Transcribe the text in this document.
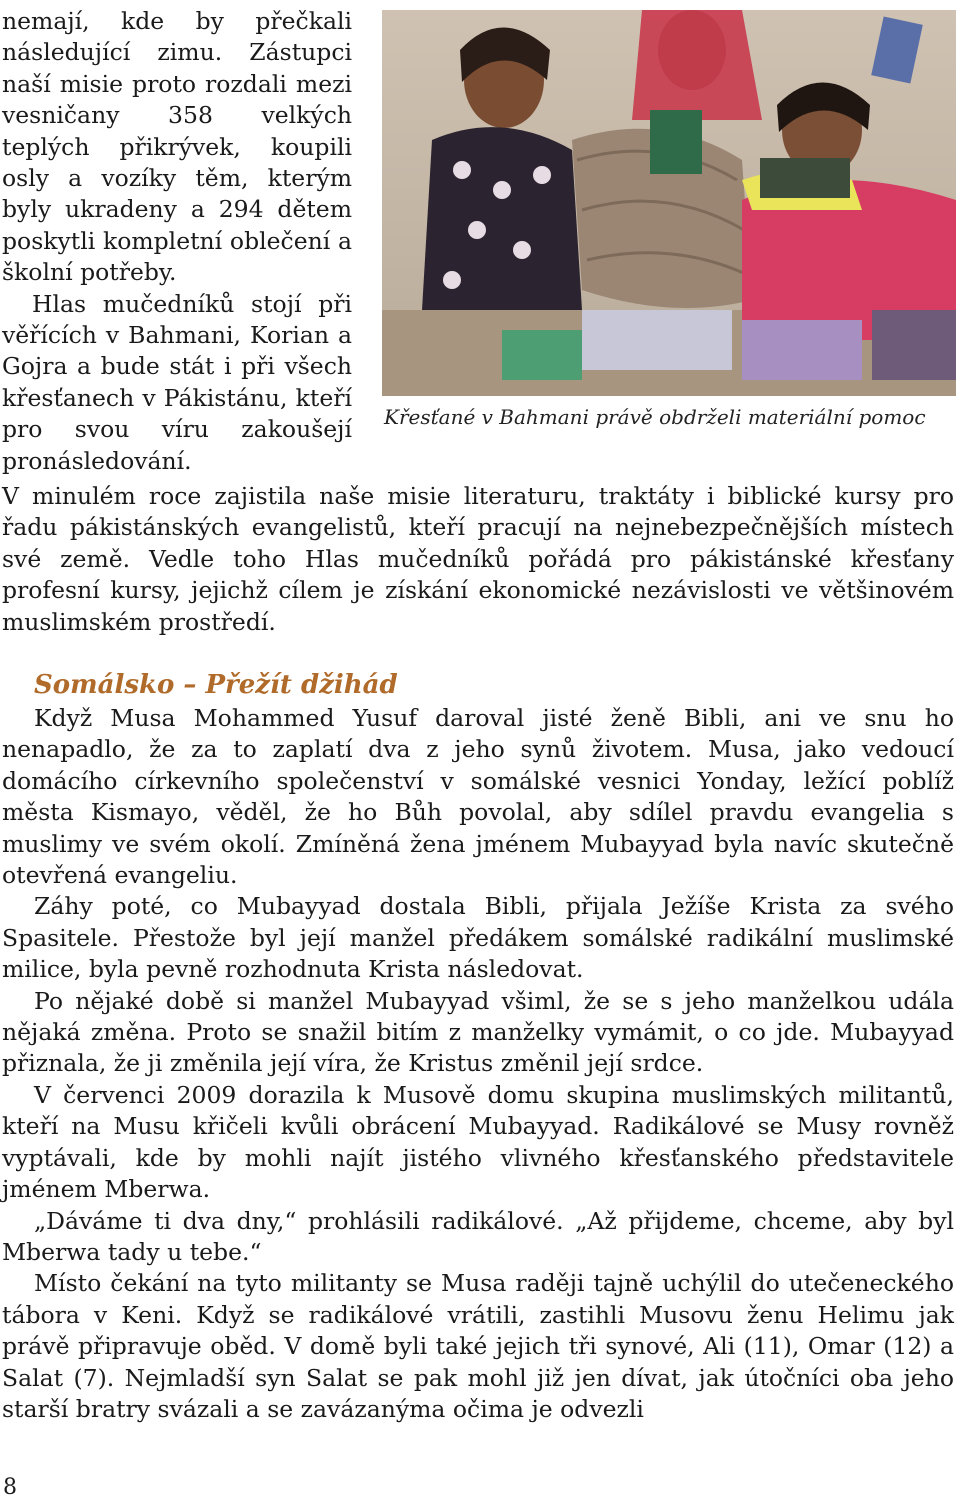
nemají, kde by přečkali následující zimu. Zástupci naší misie proto rozdali mezi vesničany 358 velkých teplých přikrývek, koupili osly a vozíky těm, kterým byly ukradeny a 294 dětem poskytli kompletní oblečení a školní potřeby.

Hlas mučedníků stojí při věřících v Bahmani, Korian a Gojra a bude stát i při všech křesťanech v Pákistánu, kteří pro svou víru zakoušejí pronásledování.

Křesťané v Bahmani právě obdrželi materiální pomoc

V minulém roce zajistila naše misie literaturu, traktáty i biblické kursy pro řadu pákistánských evangelistů, kteří pracují na nejnebezpečnějších místech své země. Vedle toho Hlas mučedníků pořádá pro pákistánské křesťany profesní kursy, jejichž cílem je získání ekonomické nezávislosti ve většinovém muslimském prostředí.

Somálsko – Přežít džihád

Když Musa Mohammed Yusuf daroval jisté ženě Bibli, ani ve snu ho nenapadlo, že za to zaplatí dva z jeho synů životem. Musa, jako vedoucí domácího církevního společenství v somálské vesnici Yonday, ležící poblíž města Kismayo, věděl, že ho Bůh povolal, aby sdílel pravdu evangelia s muslimy ve svém okolí. Zmíněná žena jménem Mubayyad byla navíc skutečně otevřená evangeliu.

Záhy poté, co Mubayyad dostala Bibli, přijala Ježíše Krista za svého Spasitele. Přestože byl její manžel předákem somálské radikální muslimské milice, byla pevně rozhodnuta Krista následovat.

Po nějaké době si manžel Mubayyad všiml, že se s jeho manželkou udála nějaká změna. Proto se snažil bitím z manželky vymámit, o co jde. Mubayyad přiznala, že ji změnila její víra, že Kristus změnil její srdce.

V červenci 2009 dorazila k Musově domu skupina muslimských militantů, kteří na Musu křičeli kvůli obrácení Mubayyad. Radikálové se Musy rovněž vyptávali, kde by mohli najít jistého vlivného křesťanského představitele jménem Mberwa.

„Dáváme ti dva dny,“ prohlásili radikálové. „Až přijdeme, chceme, aby byl Mberwa tady u tebe.“

Místo čekání na tyto militanty se Musa raději tajně uchýlil do utečeneckého tábora v Keni. Když se radikálové vrátili, zastihli Musovu ženu Helimu jak právě připravuje oběd. V domě byli také jejich tři synové, Ali (11), Omar (12) a Salat (7). Nejmladší syn Salat se pak mohl již jen dívat, jak útočníci oba jeho starší bratry svázali a se zavázanýma očima je odvezli

8
